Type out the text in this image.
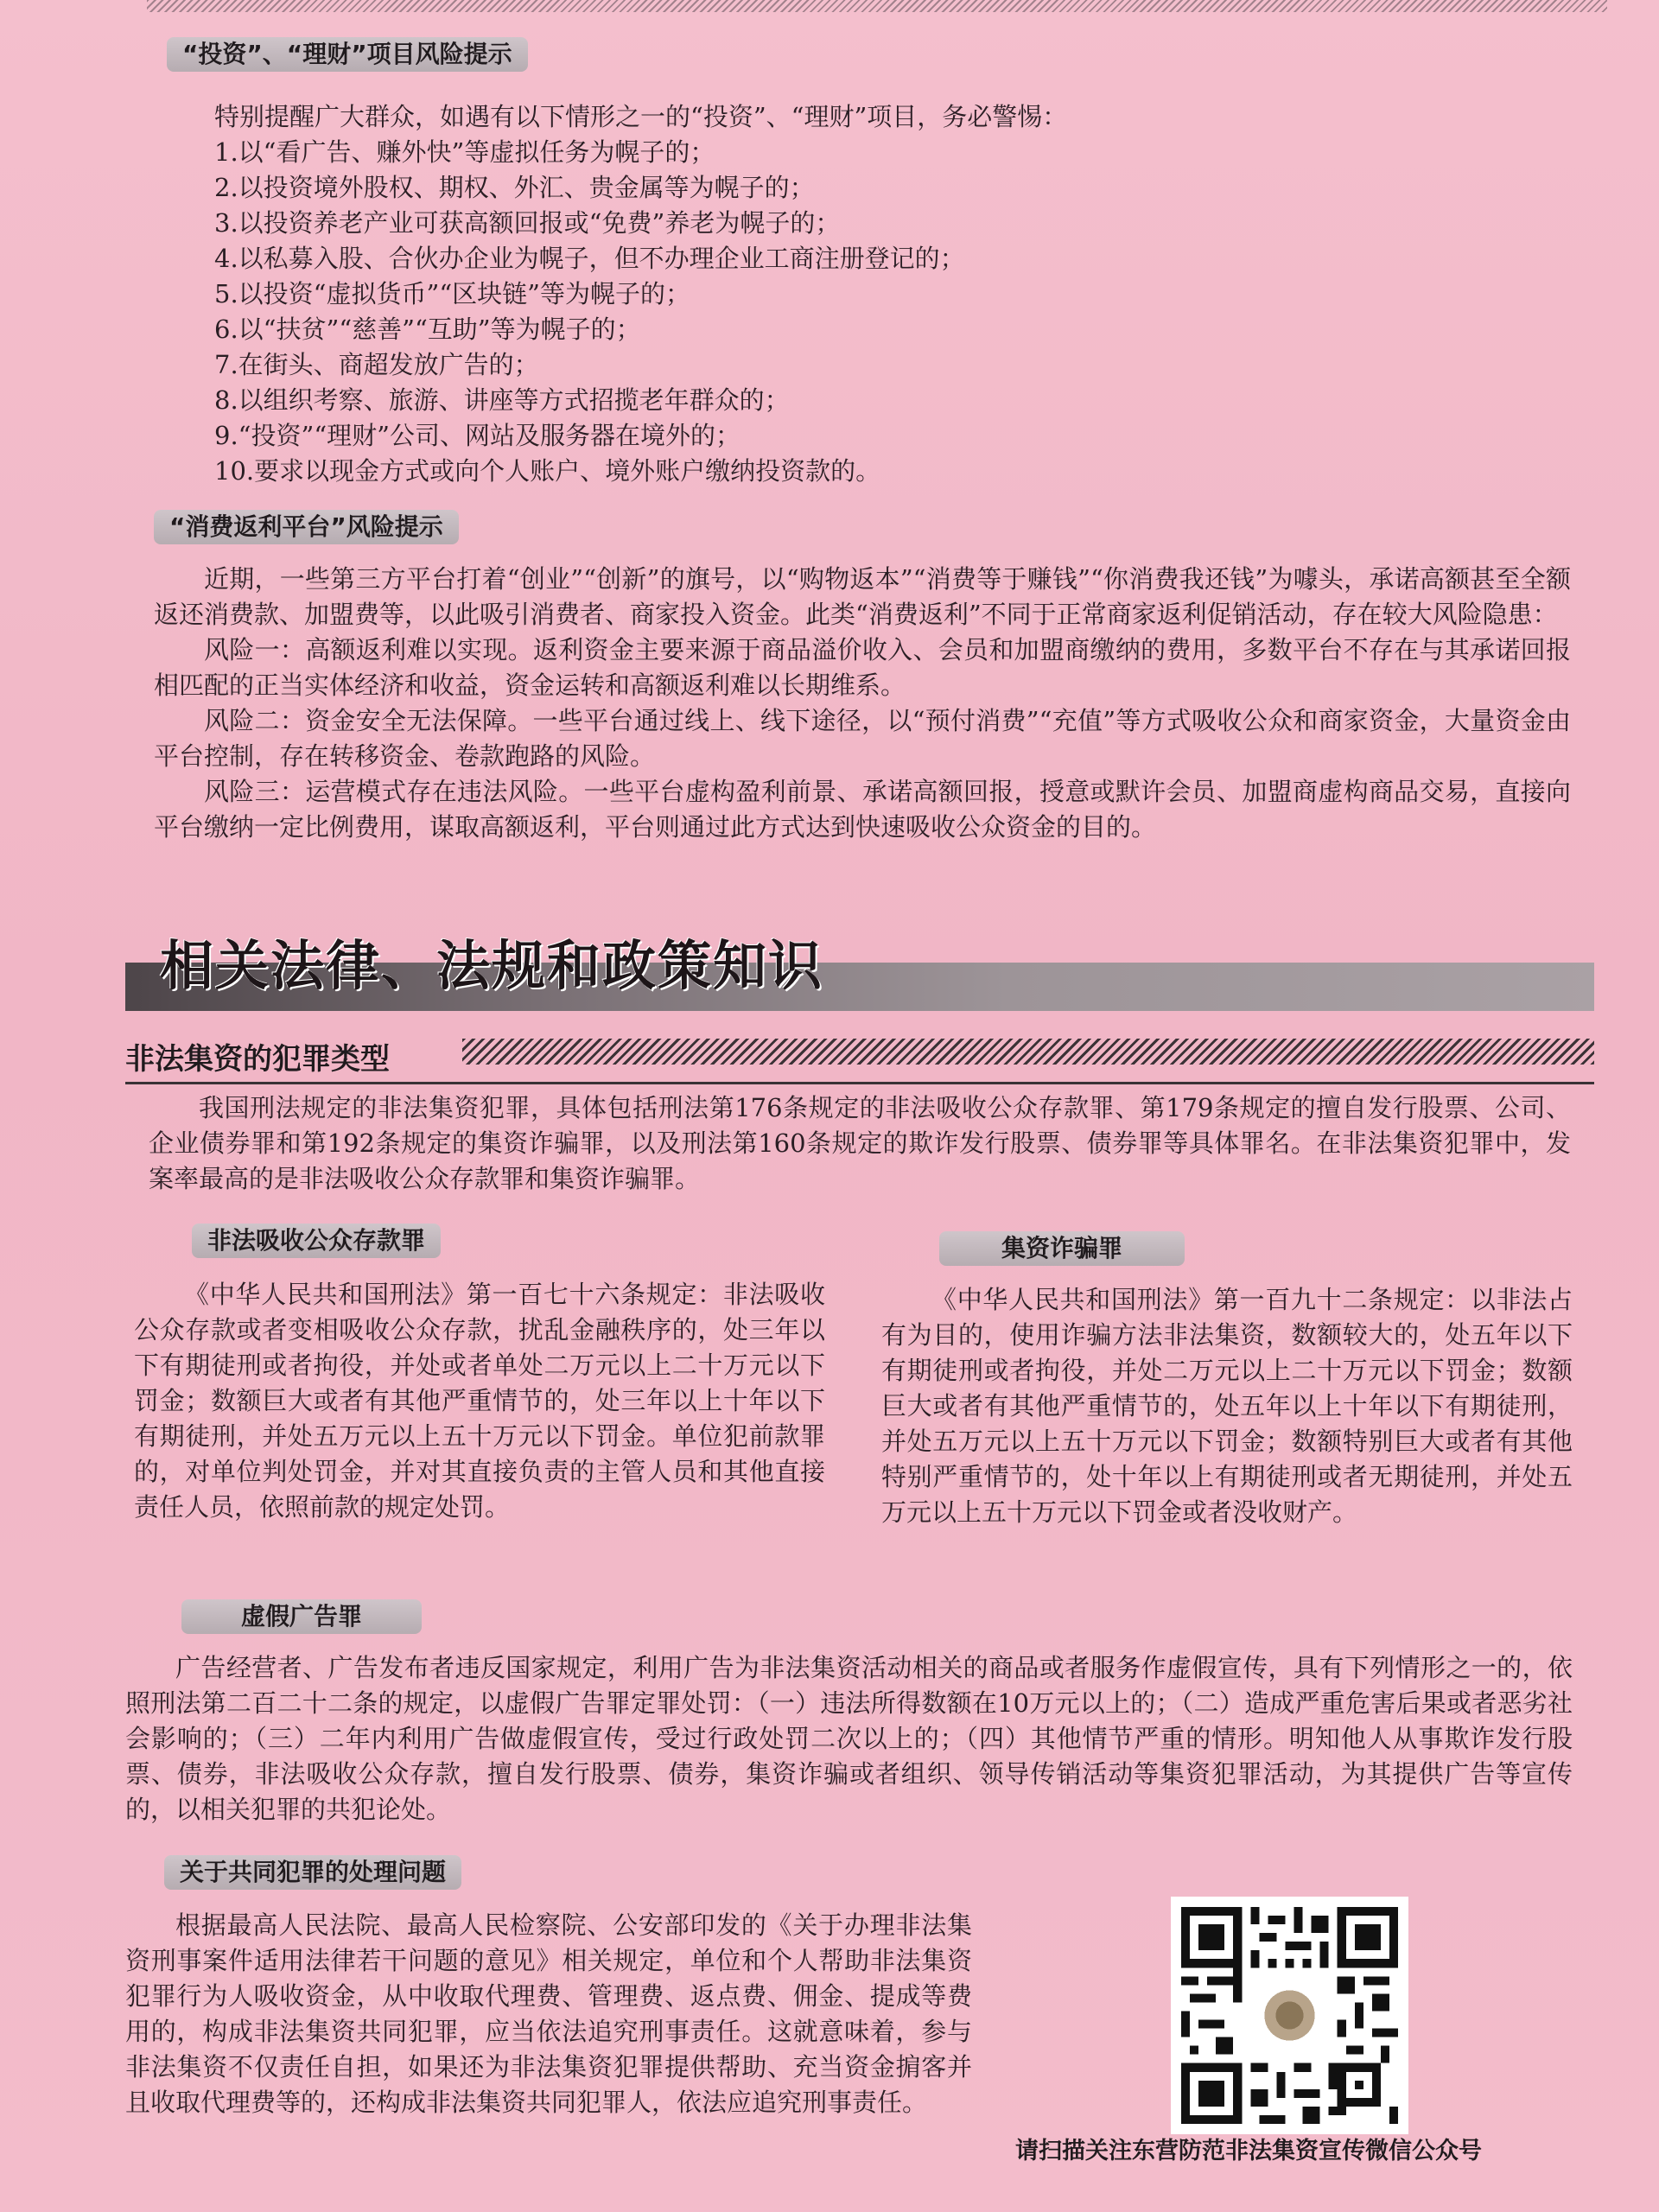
“投资”、“理财”项目风险提示

特别提醒广大群众，如遇有以下情形之一的“投资”、“理财”项目，务必警惕：

1.以“看广告、赚外快”等虚拟任务为幌子的；

2.以投资境外股权、期权、外汇、贵金属等为幌子的；

3.以投资养老产业可获高额回报或“免费”养老为幌子的；

4.以私募入股、合伙办企业为幌子，但不办理企业工商注册登记的；

5.以投资“虚拟货币”“区块链”等为幌子的；

6.以“扶贫”“慈善”“互助”等为幌子的；

7.在街头、商超发放广告的；

8.以组织考察、旅游、讲座等方式招揽老年群众的；

9.“投资”“理财”公司、网站及服务器在境外的；

10.要求以现金方式或向个人账户、境外账户缴纳投资款的。

“消费返利平台”风险提示

近期，一些第三方平台打着“创业”“创新”的旗号，以“购物返本”“消费等于赚钱”“你消费我还钱”为噱头，承诺高额甚至全额返还消费款、加盟费等，以此吸引消费者、商家投入资金。此类“消费返利”不同于正常商家返利促销活动，存在较大风险隐患：

风险一：高额返利难以实现。返利资金主要来源于商品溢价收入、会员和加盟商缴纳的费用，多数平台不存在与其承诺回报相匹配的正当实体经济和收益，资金运转和高额返利难以长期维系。

风险二：资金安全无法保障。一些平台通过线上、线下途径，以“预付消费”“充值”等方式吸收公众和商家资金，大量资金由平台控制，存在转移资金、卷款跑路的风险。

风险三：运营模式存在违法风险。一些平台虚构盈利前景、承诺高额回报，授意或默许会员、加盟商虚构商品交易，直接向平台缴纳一定比例费用，谋取高额返利，平台则通过此方式达到快速吸收公众资金的目的。

相关法律、法规和政策知识
非法集资的犯罪类型

我国刑法规定的非法集资犯罪，具体包括刑法第176条规定的非法吸收公众存款罪、第179条规定的擅自发行股票、公司、企业债券罪和第192条规定的集资诈骗罪，以及刑法第160条规定的欺诈发行股票、债券罪等具体罪名。在非法集资犯罪中，发案率最高的是非法吸收公众存款罪和集资诈骗罪。

非法吸收公众存款罪

《中华人民共和国刑法》第一百七十六条规定：非法吸收公众存款或者变相吸收公众存款，扰乱金融秩序的，处三年以下有期徒刑或者拘役，并处或者单处二万元以上二十万元以下罚金；数额巨大或者有其他严重情节的，处三年以上十年以下有期徒刑，并处五万元以上五十万元以下罚金。单位犯前款罪的，对单位判处罚金，并对其直接负责的主管人员和其他直接责任人员，依照前款的规定处罚。

集资诈骗罪

《中华人民共和国刑法》第一百九十二条规定：以非法占有为目的，使用诈骗方法非法集资，数额较大的，处五年以下有期徒刑或者拘役，并处二万元以上二十万元以下罚金；数额巨大或者有其他严重情节的，处五年以上十年以下有期徒刑，并处五万元以上五十万元以下罚金；数额特别巨大或者有其他特别严重情节的，处十年以上有期徒刑或者无期徒刑，并处五万元以上五十万元以下罚金或者没收财产。

虚假广告罪

广告经营者、广告发布者违反国家规定，利用广告为非法集资活动相关的商品或者服务作虚假宣传，具有下列情形之一的，依照刑法第二百二十二条的规定，以虚假广告罪定罪处罚：（一）违法所得数额在10万元以上的；（二）造成严重危害后果或者恶劣社会影响的；（三）二年内利用广告做虚假宣传，受过行政处罚二次以上的；（四）其他情节严重的情形。明知他人从事欺诈发行股票、债券，非法吸收公众存款，擅自发行股票、债券，集资诈骗或者组织、领导传销活动等集资犯罪活动，为其提供广告等宣传的，以相关犯罪的共犯论处。

关于共同犯罪的处理问题

根据最高人民法院、最高人民检察院、公安部印发的《关于办理非法集资刑事案件适用法律若干问题的意见》相关规定，单位和个人帮助非法集资犯罪行为人吸收资金，从中收取代理费、管理费、返点费、佣金、提成等费用的，构成非法集资共同犯罪，应当依法追究刑事责任。这就意味着，参与非法集资不仅责任自担，如果还为非法集资犯罪提供帮助、充当资金掮客并且收取代理费等的，还构成非法集资共同犯罪人，依法应追究刑事责任。

请扫描关注东营防范非法集资宣传微信公众号
